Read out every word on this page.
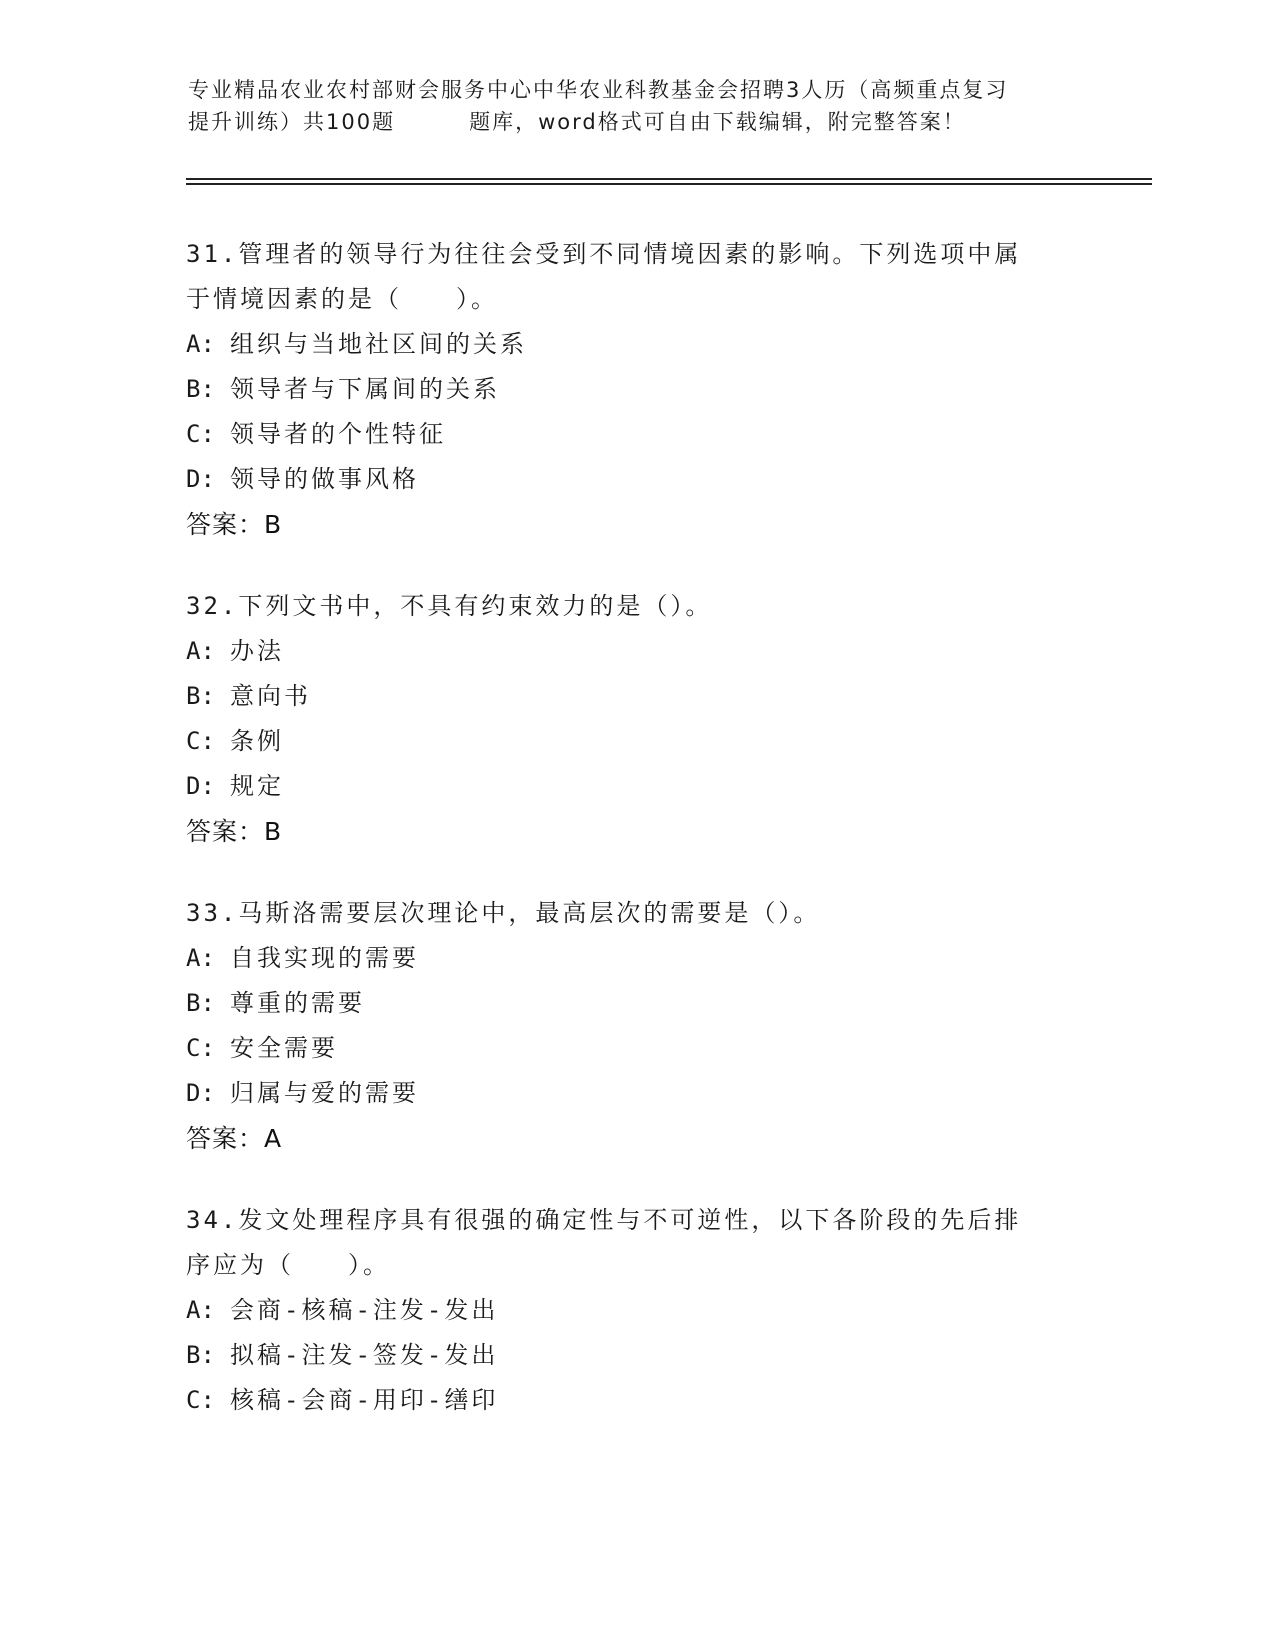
专业精品农业农村部财会服务中心中华农业科教基金会招聘3人历（高频重点复习
提升训练）共100题	题库，word格式可自由下载编辑，附完整答案！
31.管理者的领导行为往往会受到不同情境因素的影响。下列选项中属
于情境因素的是（　　）。
A: 组织与当地社区间的关系
B: 领导者与下属间的关系
C: 领导者的个性特征
D: 领导的做事风格
答案：B
32.下列文书中，不具有约束效力的是（）。
A: 办法
B: 意向书
C: 条例
D: 规定
答案：B
33.马斯洛需要层次理论中，最高层次的需要是（）。
A: 自我实现的需要
B: 尊重的需要
C: 安全需要
D: 归属与爱的需要
答案：A
34.发文处理程序具有很强的确定性与不可逆性，以下各阶段的先后排
序应为（　　）。
A: 会商-核稿-注发-发出
B: 拟稿-注发-签发-发出
C: 核稿-会商-用印-缮印
